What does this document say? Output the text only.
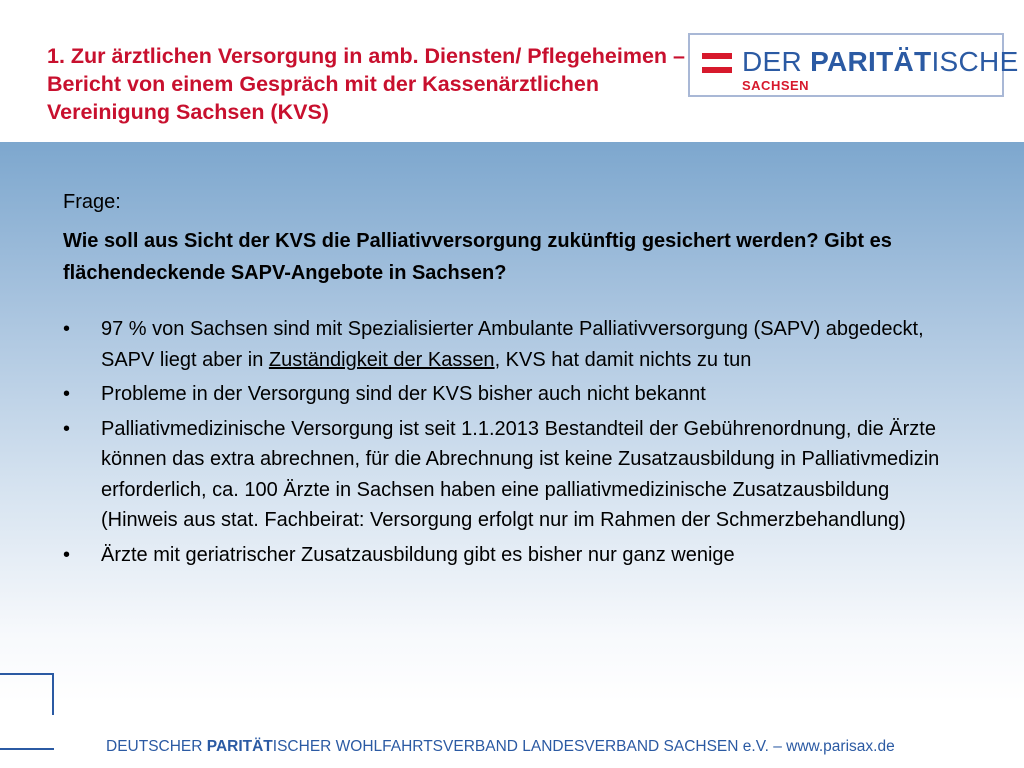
1. Zur ärztlichen Versorgung in amb. Diensten/ Pflegeheimen – Bericht von einem Gespräch mit der Kassenärztlichen Vereinigung Sachsen (KVS)
DER PARITÄTISCHE
SACHSEN
Frage:
Wie soll aus Sicht der KVS die Palliativversorgung zukünftig gesichert werden? Gibt es flächendeckende SAPV-Angebote in Sachsen?
• 97 % von Sachsen sind mit Spezialisierter Ambulante Palliativversorgung (SAPV) abgedeckt, SAPV liegt aber in Zuständigkeit der Kassen, KVS hat damit nichts zu tun
• Probleme in der Versorgung sind der KVS bisher auch nicht bekannt
• Palliativmedizinische Versorgung ist seit 1.1.2013 Bestandteil der Gebührenordnung, die Ärzte können das extra abrechnen, für die Abrechnung ist keine Zusatzausbildung in Palliativmedizin erforderlich, ca. 100 Ärzte in Sachsen haben eine palliativmedizinische Zusatzausbildung (Hinweis aus stat. Fachbeirat: Versorgung erfolgt nur im Rahmen der Schmerzbehandlung)
• Ärzte mit geriatrischer Zusatzausbildung gibt es bisher nur ganz wenige
DEUTSCHER PARITÄTISCHER WOHLFAHRTSVERBAND LANDESVERBAND SACHSEN e.V. – www.parisax.de
